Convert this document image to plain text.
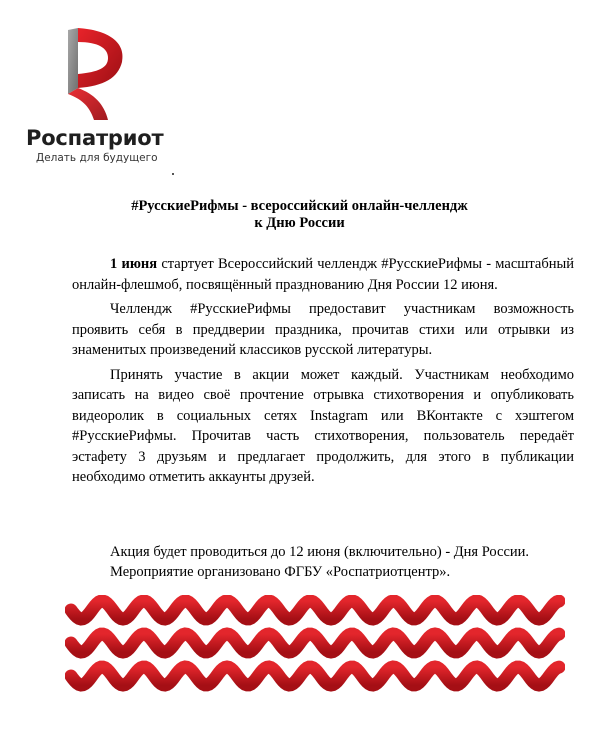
Роспатриот
Делать для будущего
#РусскиеРифмы - всероссийский онлайн-челлендж
к Дню России

1 июня стартует Всероссийский челлендж #РусскиеРифмы - масштабный онлайн-флешмоб, посвящённый празднованию Дня России 12 июня.

Челлендж #РусскиеРифмы предоставит участникам возможность проявить себя в преддверии праздника, прочитав стихи или отрывки из знаменитых произведений классиков русской литературы.

Принять участие в акции может каждый. Участникам необходимо записать на видео своё прочтение отрывка стихотворения и опубликовать видеоролик в социальных сетях Instagram или ВКонтакте с хэштегом #РусскиеРифмы. Прочитав часть стихотворения, пользователь передаёт эстафету 3 друзьям и предлагает продолжить, для этого в публикации необходимо отметить аккаунты друзей.

Акция будет проводиться до 12 июня (включительно) - Дня России.
Мероприятие организовано ФГБУ «Роспатриотцентр».
